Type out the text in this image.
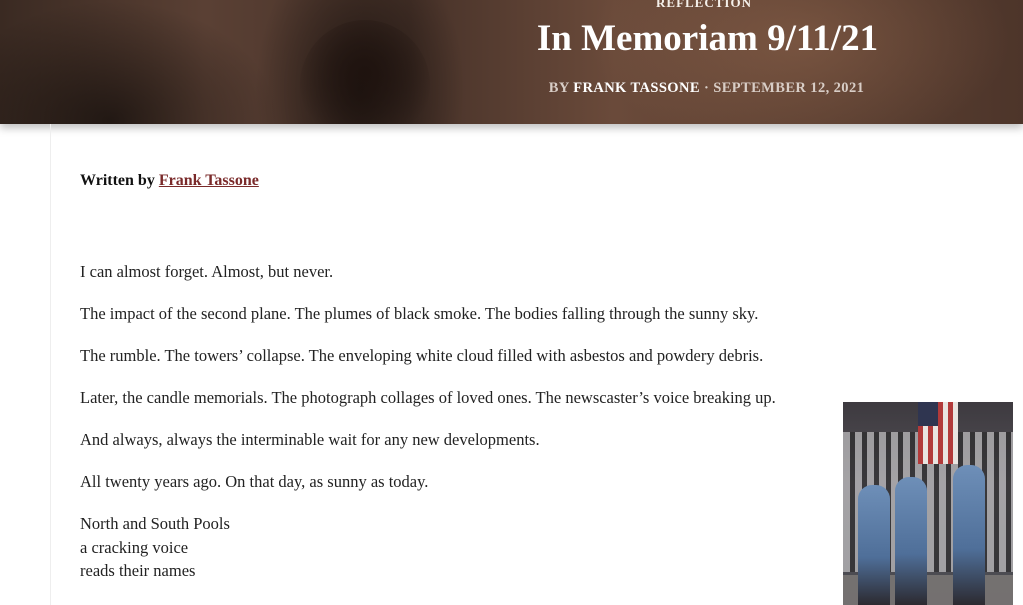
REFLECTION
In Memoriam 9/11/21
BY FRANK TASSONE · SEPTEMBER 12, 2021
Written by Frank Tassone

I can almost forget. Almost, but never.

The impact of the second plane. The plumes of black smoke. The bodies falling through the sunny sky.

The rumble. The towers’ collapse. The enveloping white cloud filled with asbestos and powdery debris.

Later, the candle memorials. The photograph collages of loved ones. The newscaster’s voice breaking up.

And always, always the interminable wait for any new developments.

All twenty years ago. On that day, as sunny as today.

North and South Pools
a cracking voice
reads their names
